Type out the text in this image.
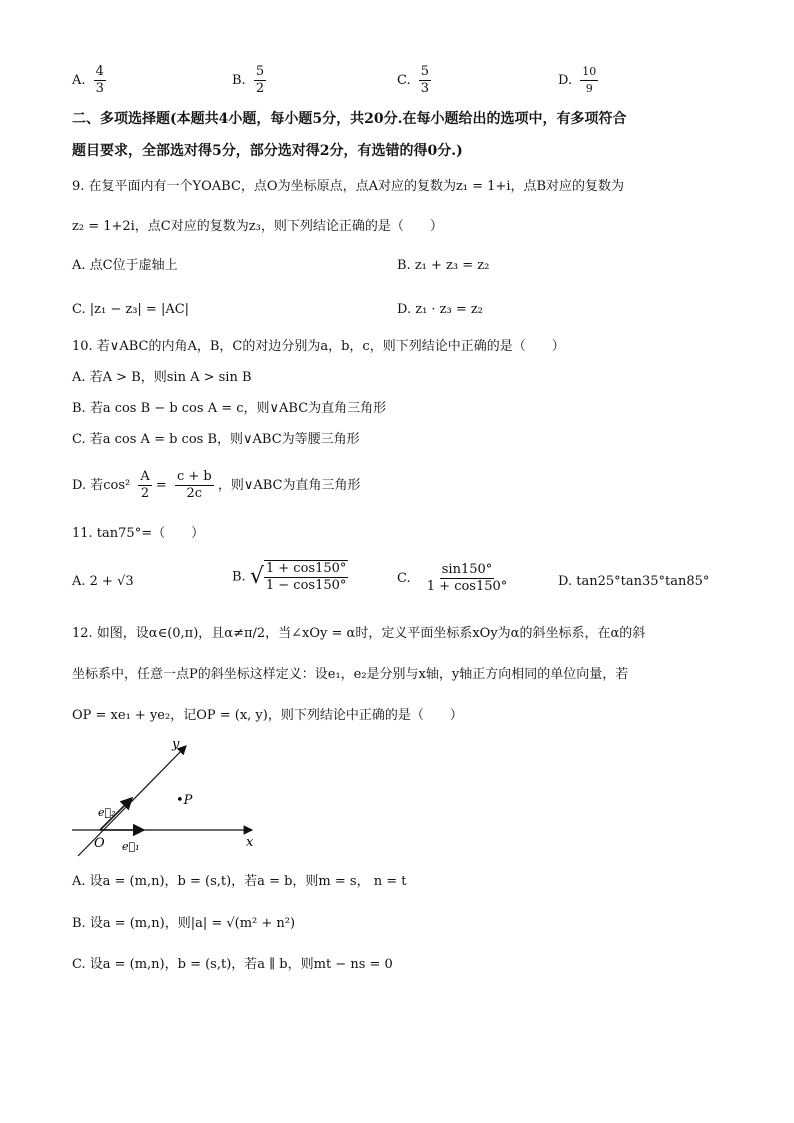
A. $\frac{4}{3}$	B. $\frac{5}{2}$	C. $\frac{5}{3}$	D. $\frac{10}{9}$
二、多项选择题(本题共4小题，每小题5分，共20分.在每小题给出的选项中，有多项符合
题目要求，全部选对得5分，部分选对得2分，有选错的得0分.)
9. 在复平面内有一个ΥOABC，点O为坐标原点，点A对应的复数为z₁ = 1+i，点B对应的复数为
z₂ = 1+2i，点C对应的复数为z₃，则下列结论正确的是（　　）
A. 点C位于虚轴上	B. z₁ + z₃ = z₂
C. |z₁ − z₃| = |AC|	D. z₁ · z₃ = z₂
10. 若∨ABC的内角A，B，C的对边分别为a，b，c，则下列结论中正确的是（　　）
A. 若A > B，则sin A > sin B
B. 若a cos B − b cos A = c，则∨ABC为直角三角形
C. 若a cos A = b cos B，则∨ABC为等腰三角形
D. 若$\cos^2 \frac{A}{2} = \frac{c + b}{2c}$ ，则∨ABC为直角三角形
11. tan75°=（　　）
A. 2 + √3	B. √ $\frac{1 + \cos 150^\circ}{1 - \cos 150^\circ}$	C. $\frac{\sin 150^\circ}{1 + \cos 150^\circ}$	D. tan25°tan35°tan85°
12. 如图，设α∈(0,π)，且α≠π/2，当∠xOy = α时，定义平面坐标系xOy为α的斜坐标系，在α的斜
坐标系中，任意一点P的斜坐标这样定义：设e₁，e₂是分别与x轴，y轴正方向相同的单位向量，若
OP = xe₁ + ye₂，记OP = (x, y)，则下列结论中正确的是（　　）
y
x
O
•P
e⃗₁
e⃗₂
A. 设a = (m,n)，b = (s,t)，若a = b，则m = s， n = t
B. 设a = (m,n)，则|a| = √(m² + n²)
C. 设a = (m,n)，b = (s,t)，若a ∥ b，则mt − ns = 0
